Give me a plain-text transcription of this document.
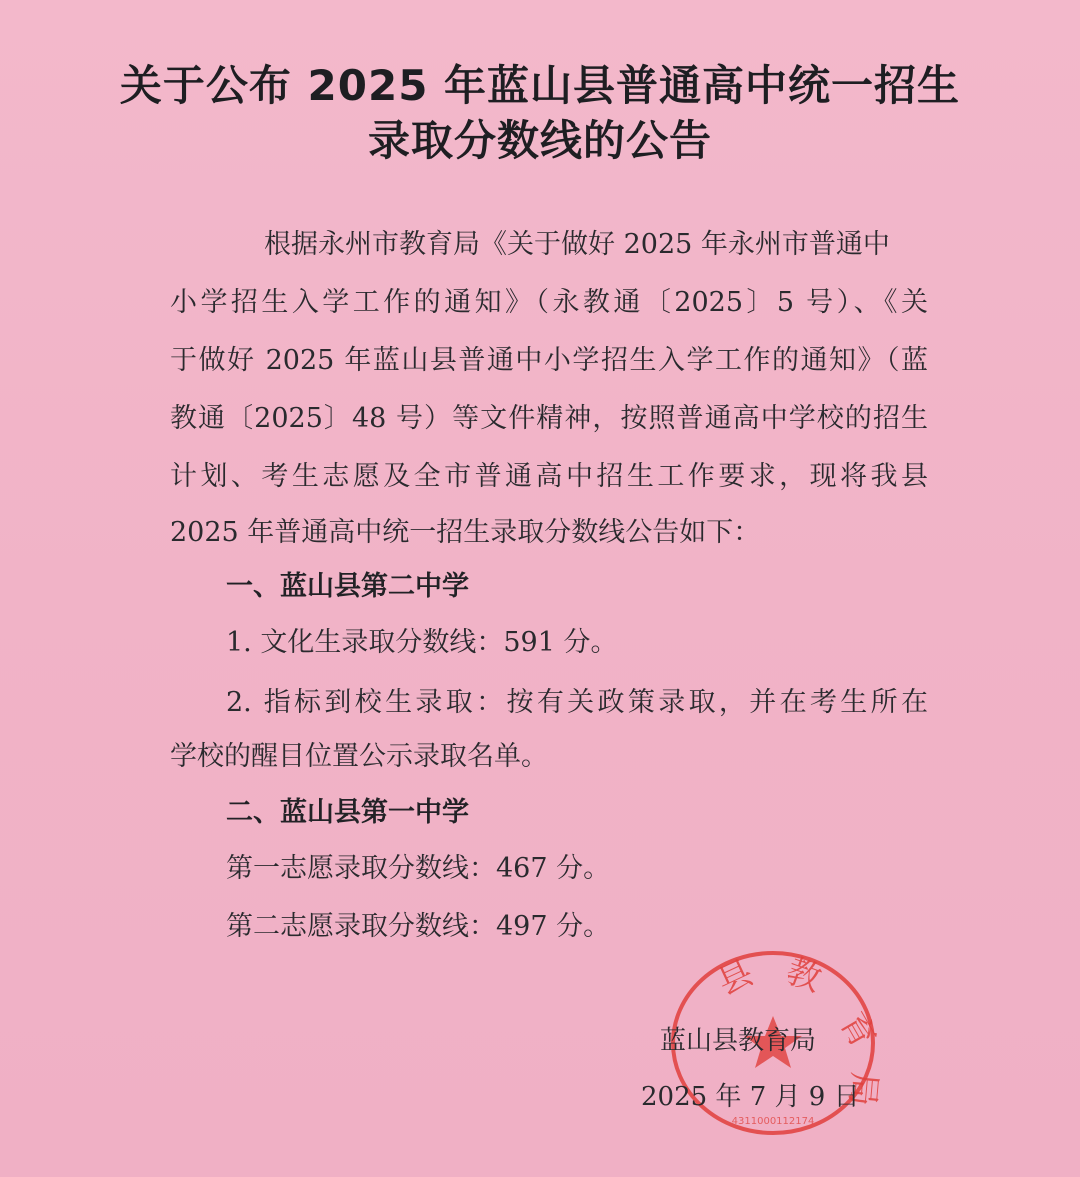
关于公布 2025 年蓝山县普通高中统一招生
录取分数线的公告
根据永州市教育局《关于做好 2025 年永州市普通中
小学招生入学工作的通知》（永教通〔2025〕5 号）、《关
于做好 2025 年蓝山县普通中小学招生入学工作的通知》（蓝
教通〔2025〕48 号）等文件精神，按照普通高中学校的招生
计划、考生志愿及全市普通高中招生工作要求，现将我县
2025 年普通高中统一招生录取分数线公告如下：
一、蓝山县第二中学
1. 文化生录取分数线：591 分。
2. 指标到校生录取：按有关政策录取，并在考生所在
学校的醒目位置公示录取名单。
二、蓝山县第一中学
第一志愿录取分数线：467 分。
第二志愿录取分数线：497 分。
县 教
育
局
4311000112174
蓝山县教育局
2025 年 7 月 9 日
